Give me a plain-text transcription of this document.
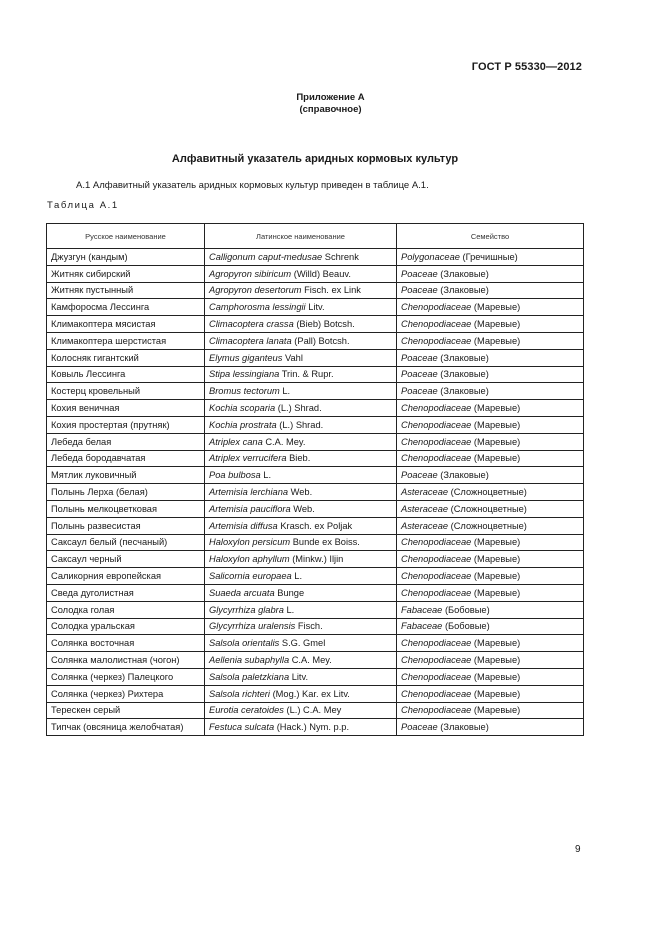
ГОСТ Р 55330—2012
Приложение А
(справочное)
Алфавитный указатель аридных кормовых культур
А.1 Алфавитный указатель аридных кормовых культур приведен в таблице А.1.
Таблица А.1
Русское наименование	Латинское наименование	Семейство
Джузгун (кандым)	Calligonum caput-medusae Schrenk	Polygonaceae (Гречишные)
Житняк сибирский	Agropyron sibiricum (Willd) Beauv.	Poaceae (Злаковые)
Житняк пустынный	Agropyron desertorum Fisch. ex Link	Poaceae (Злаковые)
Камфоросма Лессинга	Camphorosma lessingii Litv.	Chenopodiaceae (Маревые)
Климакоптера мясистая	Climacoptera crassa (Bieb) Botcsh.	Chenopodiaceae (Маревые)
Климакоптера шерстистая	Climacoptera lanata (Pall) Botcsh.	Chenopodiaceae (Маревые)
Колосняк гигантский	Elymus giganteus Vahl	Poaceae (Злаковые)
Ковыль Лессинга	Stipa lessingiana Trin. & Rupr.	Poaceae (Злаковые)
Костерц кровельный	Bromus tectorum L.	Poaceae (Злаковые)
Кохия веничная	Kochia scoparia (L.) Shrad.	Chenopodiaceae (Маревые)
Кохия простертая (прутняк)	Kochia prostrata (L.) Shrad.	Chenopodiaceae (Маревые)
Лебеда белая	Atriplex cana C.A. Mey.	Chenopodiaceae (Маревые)
Лебеда бородавчатая	Atriplex verrucifera Bieb.	Chenopodiaceae (Маревые)
Мятлик луковичный	Poa bulbosa L.	Poaceae (Злаковые)
Полынь Лерха (белая)	Artemisia lerchiana Web.	Asteraceae (Сложноцветные)
Полынь мелкоцветковая	Artemisia pauciflora Web.	Asteraceae (Сложноцветные)
Полынь развесистая	Artemisia diffusa Krasch. ex Poljak	Asteraceae (Сложноцветные)
Саксаул белый (песчаный)	Haloxylon persicum Bunde ex Boiss.	Chenopodiaceae (Маревые)
Саксаул черный	Haloxylon aphyllum (Minkw.) Iljin	Chenopodiaceae (Маревые)
Саликорния европейская	Salicornia europaea L.	Chenopodiaceae (Маревые)
Сведа дуголистная	Suaeda arcuata Bunge	Chenopodiaceae (Маревые)
Солодка голая	Glycyrrhiza glabra L.	Fabaceae (Бобовые)
Солодка уральская	Glycyrrhiza uralensis Fisch.	Fabaceae (Бобовые)
Солянка восточная	Salsola orientalis S.G. Gmel	Chenopodiaceae (Маревые)
Солянка малолистная (чогон)	Aellenia subaphylla C.A. Mey.	Chenopodiaceae (Маревые)
Солянка (черкез) Палецкого	Salsola paletzkiana Litv.	Chenopodiaceae (Маревые)
Солянка (черкез) Рихтера	Salsola richteri (Mog.) Kar. ex Litv.	Chenopodiaceae (Маревые)
Терескен серый	Eurotia ceratoides (L.) C.A. Mey	Chenopodiaceae (Маревые)
Типчак (овсяница желобчатая)	Festuca sulcata (Hack.) Nym. p.p.	Poaceae (Злаковые)
9
